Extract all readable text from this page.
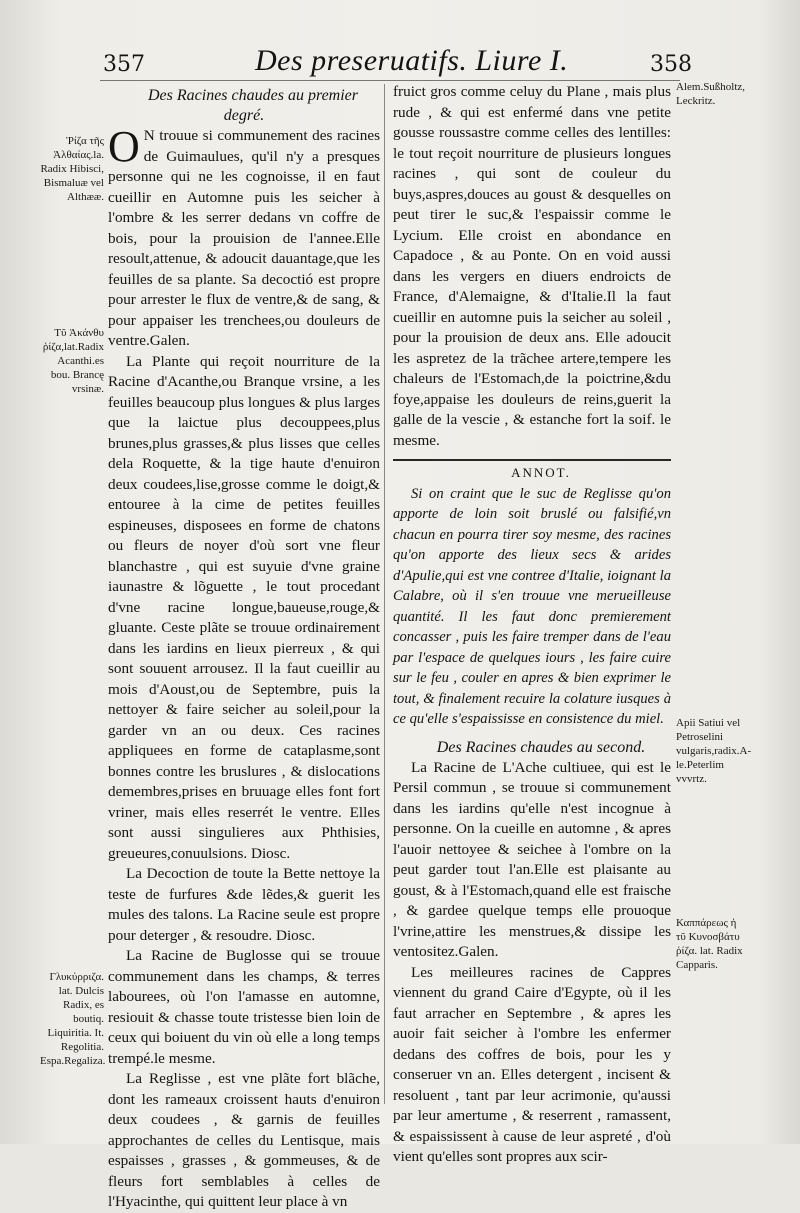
357	Des preseruatifs. Liure I.	358
Ῥίζα τῆς Ἀλθαίας.la. Radix Hibisci, Bismaluæ vel Althææ.
Τῦ Ἀκάνθυ ῥίζα,lat.Radix Acanthi.es bou. Brancę vrsinæ.
Γλυκύρριζα. lat. Dulcis Radix, es boutiq. Liquiritia. It. Regolitia. Espa.Regaliza.
Alem.Sußholtz, Leckritz.
Apii Satiui vel Petroselini vulgaris,radix.A-le.Peterlim vvvrtz.
Καππάρεως ἡ τῦ Κυνοσβάτυ ῥίζα. lat. Radix Capparis.

Des Racines chaudes au premier degré.

O N trouue si communement des racines de Guimaulues, qu'il n'y a presques personne qui ne les cognoisse, il en faut cueillir en Automne puis les seicher à l'ombre & les serrer dedans vn coffre de bois, pour la prouision de l'annee.Elle resoult,attenue, & adoucit dauantage,que les feuilles de sa plante. Sa decoctió est propre pour arrester le flux de ventre,& de sang, & pour appaiser les trenchees,ou douleurs de ventre.Galen.

La Plante qui reçoit nourriture de la Racine d'Acanthe,ou Branque vrsine, a les feuilles beaucoup plus longues & plus larges que la laictue plus decouppees,plus brunes,plus grasses,& plus lisses que celles dela Roquette, & la tige haute d'enuiron deux coudees,lise,grosse comme le doigt,& entouree à la cime de petites feuilles espineuses, disposees en forme de chatons ou fleurs de noyer d'où sort vne fleur blanchastre , qui est suyuie d'vne graine iaunastre & lõguette , le tout procedant d'vne racine longue,baueuse,rouge,& gluante. Ceste plãte se trouue ordinairement dans les iardins en lieux pierreux , & qui sont souuent arrousez. Il la faut cueillir au mois d'Aoust,ou de Septembre, puis la nettoyer & faire seicher au soleil,pour la garder vn an ou deux. Ces racines appliquees en forme de cataplasme,sont bonnes contre les bruslures , & dislocations demembres,prises en bruuage elles font fort vriner, mais elles reserrét le ventre. Elles sont aussi singulieres aux Phthisies, greueures,conuulsions. Diosc.

La Decoction de toute la Bette nettoye la teste de furfures &de lẽdes,& guerit les mules des talons. La Racine seule est propre pour deterger , & resoudre. Diosc.

La Racine de Buglosse qui se trouue communement dans les champs, & terres labourees, où l'on l'amasse en automne, resiouit & chasse toute tristesse bien loin de ceux qui boiuent du vin où elle a long temps trempé.le mesme.

La Reglisse , est vne plãte fort blãche, dont les rameaux croissent hauts d'enuiron deux coudees , & garnis de feuilles approchantes de celles du Lentisque, mais espaisses , grasses , & gommeuses, & de fleurs fort semblables à celles de l'Hyacinthe, qui quittent leur place à vn

fruict gros comme celuy du Plane , mais plus rude , & qui est enfermé dans vne petite gousse roussastre comme celles des lentilles: le tout reçoit nourriture de plusieurs longues racines , qui sont de couleur du buys,aspres,douces au goust & desquelles on peut tirer le suc,& l'espaissir comme le Lycium. Elle croist en abondance en Capadoce , & au Ponte. On en void aussi dans les vergers en diuers endroicts de France, d'Alemaigne, & d'Italie.Il la faut cueillir en automne puis la seicher au soleil , pour la prouision de deux ans. Elle adoucit les aspretez de la trãchee artere,tempere les chaleurs de l'Estomach,de la poictrine,&du foye,appaise les douleurs de reins,guerit la galle de la vescie , & estanche fort la soif. le mesme.

ANNOT.

Si on craint que le suc de Reglisse qu'on apporte de loin soit bruslé ou falsifié,vn chacun en pourra tirer soy mesme, des racines qu'on apporte des lieux secs & arides d'Apulie,qui est vne contree d'Italie, ioignant la Calabre, où il s'en trouue vne merueilleuse quantité. Il les faut donc premierement concasser , puis les faire tremper dans de l'eau par l'espace de quelques iours , les faire cuire sur le feu , couler en apres & bien exprimer le tout, & finalement recuire la colature iusques à ce qu'elle s'espaississe en consistence du miel.

Des Racines chaudes au second.

La Racine de L'Ache cultiuee, qui est le Persil commun , se trouue si communement dans les iardins qu'elle n'est incognue à personne. On la cueille en automne , & apres l'auoir nettoyee & seichee à l'ombre on la peut garder tout l'an.Elle est plaisante au goust, & à l'Estomach,quand elle est fraische , & gardee quelque temps elle prouoque l'vrine,attire les menstrues,& dissipe les ventositez.Galen.

Les meilleures racines de Cappres viennent du grand Caire d'Egypte, où il les faut arracher en Septembre , & apres les auoir fait seicher à l'ombre les enfermer dedans des coffres de bois, pour les y conseruer vn an. Elles detergent , incisent & resoluent , tant par leur acrimonie, qu'aussi par leur amertume , & reserrent , ramassent, & espaississent à cause de leur aspreté , d'où vient qu'elles sont propres aux scir-
